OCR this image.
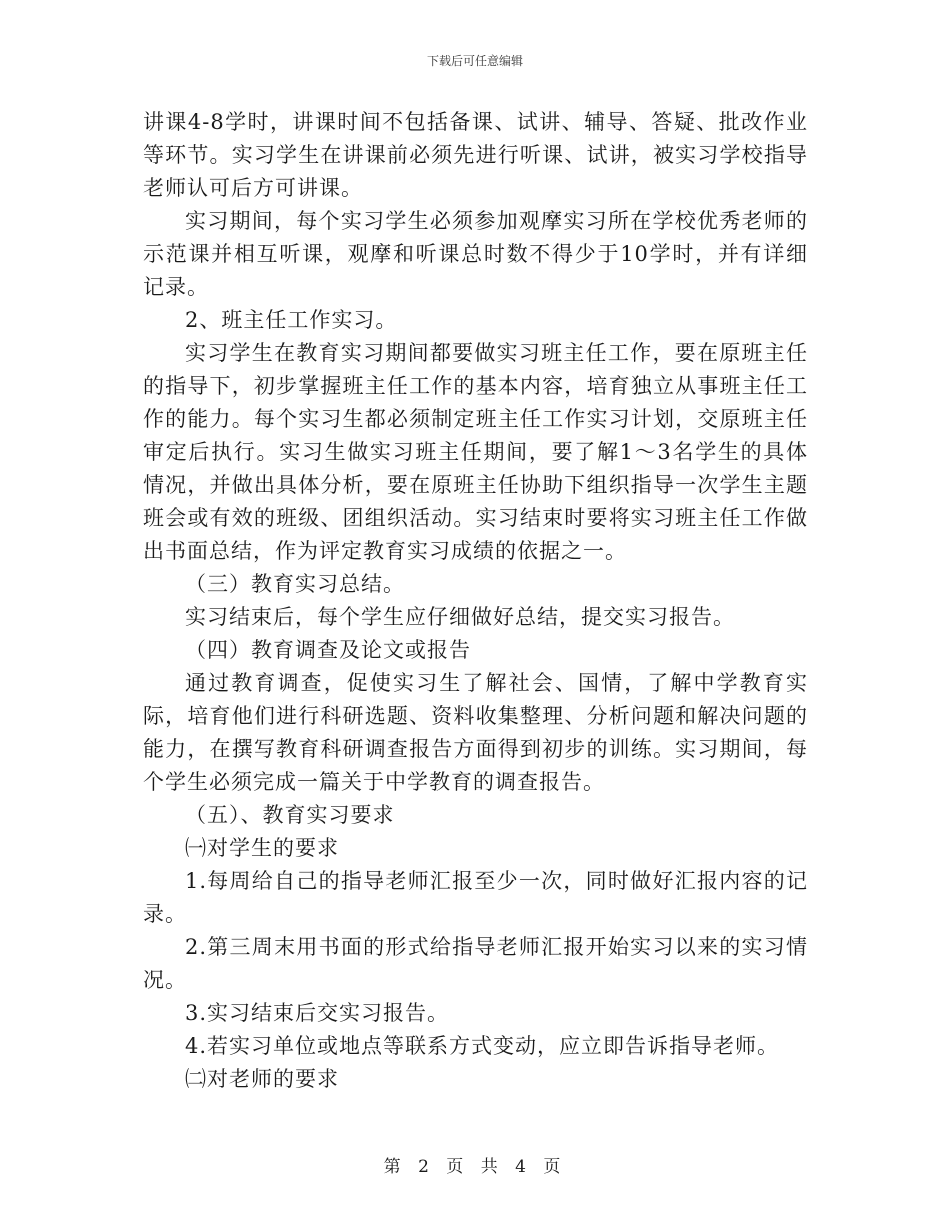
下载后可任意编辑

讲课4-8学时，讲课时间不包括备课、试讲、辅导、答疑、批改作业等环节。实习学生在讲课前必须先进行听课、试讲，被实习学校指导老师认可后方可讲课。

实习期间，每个实习学生必须参加观摩实习所在学校优秀老师的示范课并相互听课，观摩和听课总时数不得少于10学时，并有详细记录。

2、班主任工作实习。

实习学生在教育实习期间都要做实习班主任工作，要在原班主任的指导下，初步掌握班主任工作的基本内容，培育独立从事班主任工作的能力。每个实习生都必须制定班主任工作实习计划，交原班主任审定后执行。实习生做实习班主任期间，要了解1～3名学生的具体情况，并做出具体分析，要在原班主任协助下组织指导一次学生主题班会或有效的班级、团组织活动。实习结束时要将实习班主任工作做出书面总结，作为评定教育实习成绩的依据之一。

（三）教育实习总结。

实习结束后，每个学生应仔细做好总结，提交实习报告。

（四）教育调查及论文或报告

通过教育调查，促使实习生了解社会、国情，了解中学教育实际，培育他们进行科研选题、资料收集整理、分析问题和解决问题的能力，在撰写教育科研调查报告方面得到初步的训练。实习期间，每个学生必须完成一篇关于中学教育的调查报告。

（五）、教育实习要求

㈠对学生的要求

1.每周给自己的指导老师汇报至少一次，同时做好汇报内容的记录。

2.第三周末用书面的形式给指导老师汇报开始实习以来的实习情况。

3.实习结束后交实习报告。

4.若实习单位或地点等联系方式变动，应立即告诉指导老师。

㈡对老师的要求

第 2 页 共 4 页
